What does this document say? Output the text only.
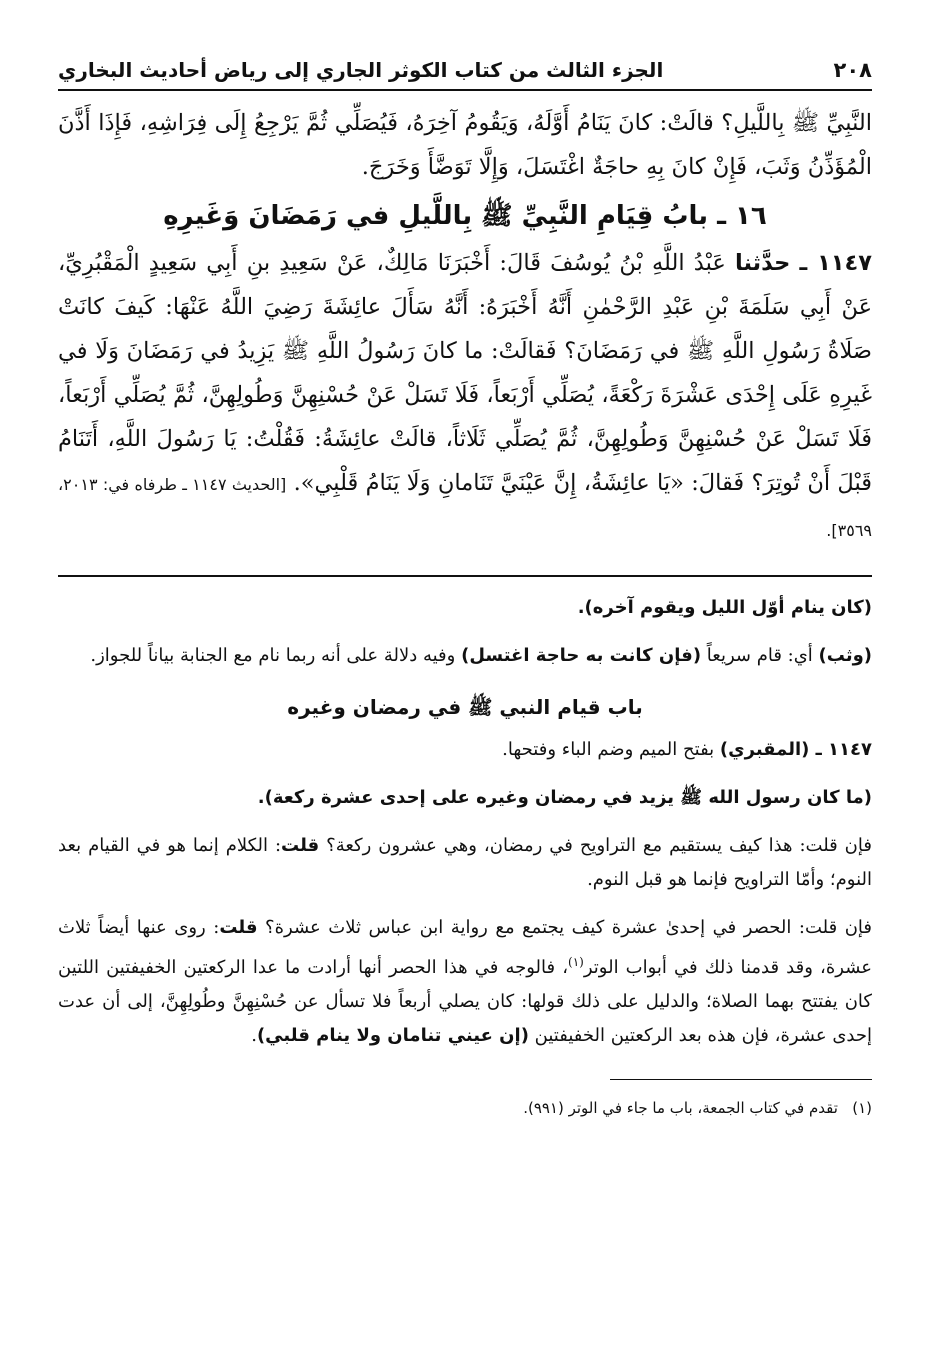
٢٠٨
الجزء الثالث من كتاب الكوثر الجاري إلى رياض أحاديث البخاري

النَّبِيِّ ﷺ بِاللَّيلِ؟ قالَتْ: كانَ يَنَامُ أَوَّلَهُ، وَيَقُومُ آخِرَهُ، فَيُصَلِّي ثُمَّ يَرْجِعُ إِلَى فِرَاشِهِ، فَإِذَا أَذَّنَ الْمُؤَذِّنُ وَثَبَ، فَإِنْ كانَ بِهِ حاجَةٌ اغْتَسَلَ، وَإِلَّا تَوَضَّأَ وَخَرَجَ.

١٦ ـ بابُ قِيَامِ النَّبِيِّ ﷺ بِاللَّيلِ في رَمَضَانَ وَغَيرِهِ

١١٤٧ ـ حدَّثنا عَبْدُ اللَّهِ بْنُ يُوسُفَ قَالَ: أَخْبَرَنَا مَالِكٌ، عَنْ سَعِيدِ بنِ أَبِي سَعِيدٍ الْمَقْبُرِيِّ، عَنْ أَبِي سَلَمَةَ بْنِ عَبْدِ الرَّحْمٰنِ أَنَّهُ أَخْبَرَهُ: أَنَّهُ سَأَلَ عائِشَةَ رَضِيَ اللَّهُ عَنْهَا: كَيفَ كانَتْ صَلَاةُ رَسُولِ اللَّهِ ﷺ في رَمَضَانَ؟ فَقالَتْ: ما كانَ رَسُولُ اللَّهِ ﷺ يَزِيدُ في رَمَضَانَ وَلَا في غَيرِهِ عَلَى إِحْدَى عَشْرَةَ رَكْعَةً، يُصَلِّي أَرْبَعاً، فَلَا تَسَلْ عَنْ حُسْنِهِنَّ وَطُولِهِنَّ، ثُمَّ يُصَلِّي أَرْبَعاً، فَلَا تَسَلْ عَنْ حُسْنِهِنَّ وَطُولِهِنَّ، ثُمَّ يُصَلِّي ثَلَاثاً، قالَتْ عائِشَةُ: فَقُلْتُ: يَا رَسُولَ اللَّهِ، أَتَنَامُ قَبْلَ أَنْ تُوتِرَ؟ فَقالَ: «يَا عائِشَةُ، إِنَّ عَيْنَيَّ تَنَامانِ وَلَا يَنَامُ قَلْبِي». [الحديث ١١٤٧ ـ طرفاه في: ٢٠١٣، ٣٥٦٩].

(كان ينام أوّل الليل ويقوم آخره).

(وثب) أي: قام سريعاً (فإن كانت به حاجة اغتسل) وفيه دلالة على أنه ربما نام مع الجنابة بياناً للجواز.

باب قيام النبي ﷺ في رمضان وغيره

١١٤٧ ـ (المقبري) بفتح الميم وضم الباء وفتحها.

(ما كان رسول الله ﷺ يزيد في رمضان وغيره على إحدى عشرة ركعة).

فإن قلت: هذا كيف يستقيم مع التراويح في رمضان، وهي عشرون ركعة؟ قلت: الكلام إنما هو في القيام بعد النوم؛ وأمّا التراويح فإنما هو قبل النوم.

فإن قلت: الحصر في إحدىٰ عشرة كيف يجتمع مع رواية ابن عباس ثلاث عشرة؟ قلت: روى عنها أيضاً ثلاث عشرة، وقد قدمنا ذلك في أبواب الوتر$^{(١)}$، فالوجه في هذا الحصر أنها أرادت ما عدا الركعتين الخفيفتين اللتين كان يفتتح بهما الصلاة؛ والدليل على ذلك قولها: كان يصلي أربعاً فلا تسأل عن حُسْنِهِنَّ وطُولِهِنَّ، إلى أن عدت إحدى عشرة، فإن هذه بعد الركعتين الخفيفتين (إن عيني تنامان ولا ينام قلبي).

(١)   تقدم في كتاب الجمعة، باب ما جاء في الوتر (٩٩١).
